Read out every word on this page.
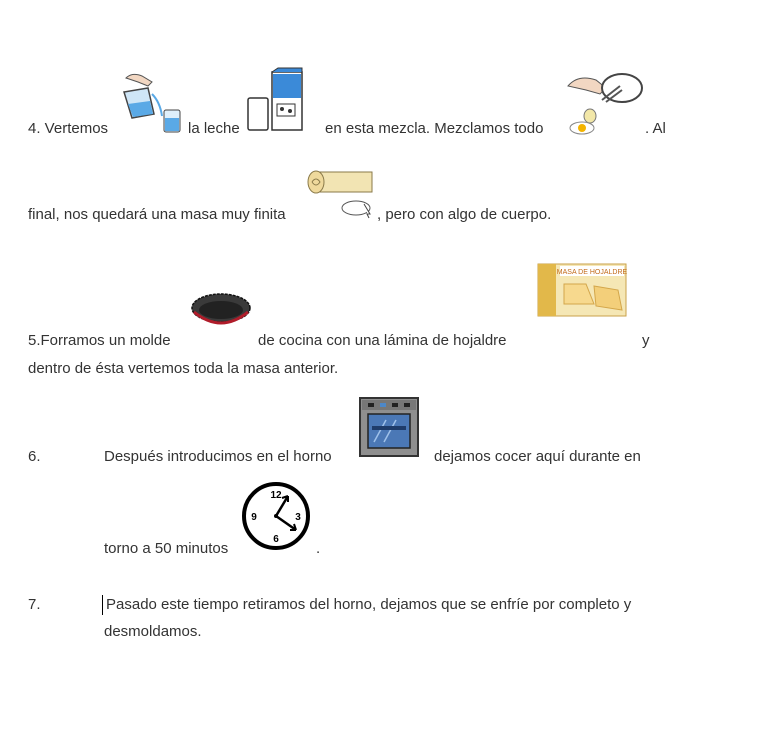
4. Vertemos	la leche	en esta mezcla. Mezclamos todo	. Al
final, nos quedará una masa muy finita	, pero con algo de cuerpo.
MASA DE HOJALDRE
5.Forramos un molde	de cocina con una lámina de hojaldre	y
dentro de ésta vertemos toda la masa anterior.
6.	Después introducimos en el horno	dejamos cocer aquí durante en
12
3
6
9
torno a 50 minutos	.
7.	Pasado este tiempo retiramos del horno, dejamos que se enfríe por completo y
desmoldamos.
